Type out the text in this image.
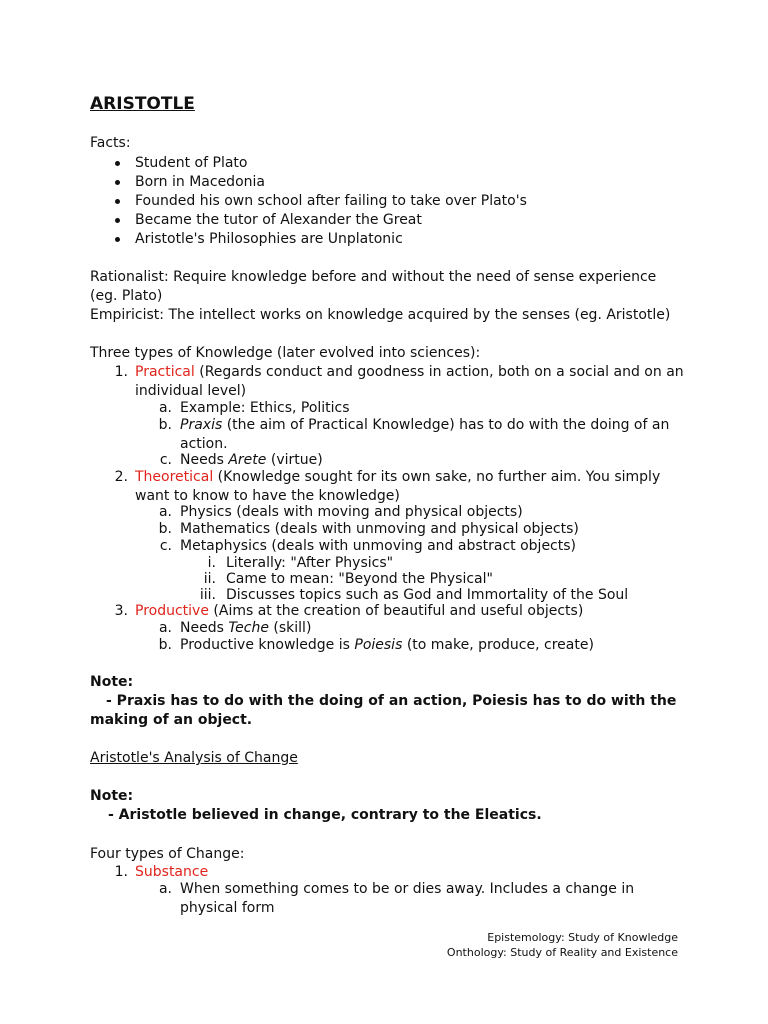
ARISTOTLE
Facts:
Student of Plato
Born in Macedonia
Founded his own school after failing to take over Plato's
Became the tutor of Alexander the Great
Aristotle's Philosophies are Unplatonic
Rationalist: Require knowledge before and without the need of sense experience
(eg. Plato)
Empiricist: The intellect works on knowledge acquired by the senses (eg. Aristotle)
Three types of Knowledge (later evolved into sciences):
1. Practical (Regards conduct and goodness in action, both on a social and on an
individual level)
a. Example: Ethics, Politics
b. Praxis (the aim of Practical Knowledge) has to do with the doing of an
action.
c. Needs Arete (virtue)
2. Theoretical (Knowledge sought for its own sake, no further aim. You simply
want to know to have the knowledge)
a. Physics (deals with moving and physical objects)
b. Mathematics (deals with unmoving and physical objects)
c. Metaphysics (deals with unmoving and abstract objects)
i. Literally: "After Physics"
ii. Came to mean: "Beyond the Physical"
iii. Discusses topics such as God and Immortality of the Soul
3. Productive (Aims at the creation of beautiful and useful objects)
a. Needs Teche (skill)
b. Productive knowledge is Poiesis (to make, produce, create)
Note:
- Praxis has to do with the doing of an action, Poiesis has to do with the
making of an object.
Aristotle's Analysis of Change
Note:
- Aristotle believed in change, contrary to the Eleatics.
Four types of Change:
1. Substance
a. When something comes to be or dies away. Includes a change in
physical form
Epistemology: Study of Knowledge
Onthology: Study of Reality and Existence
